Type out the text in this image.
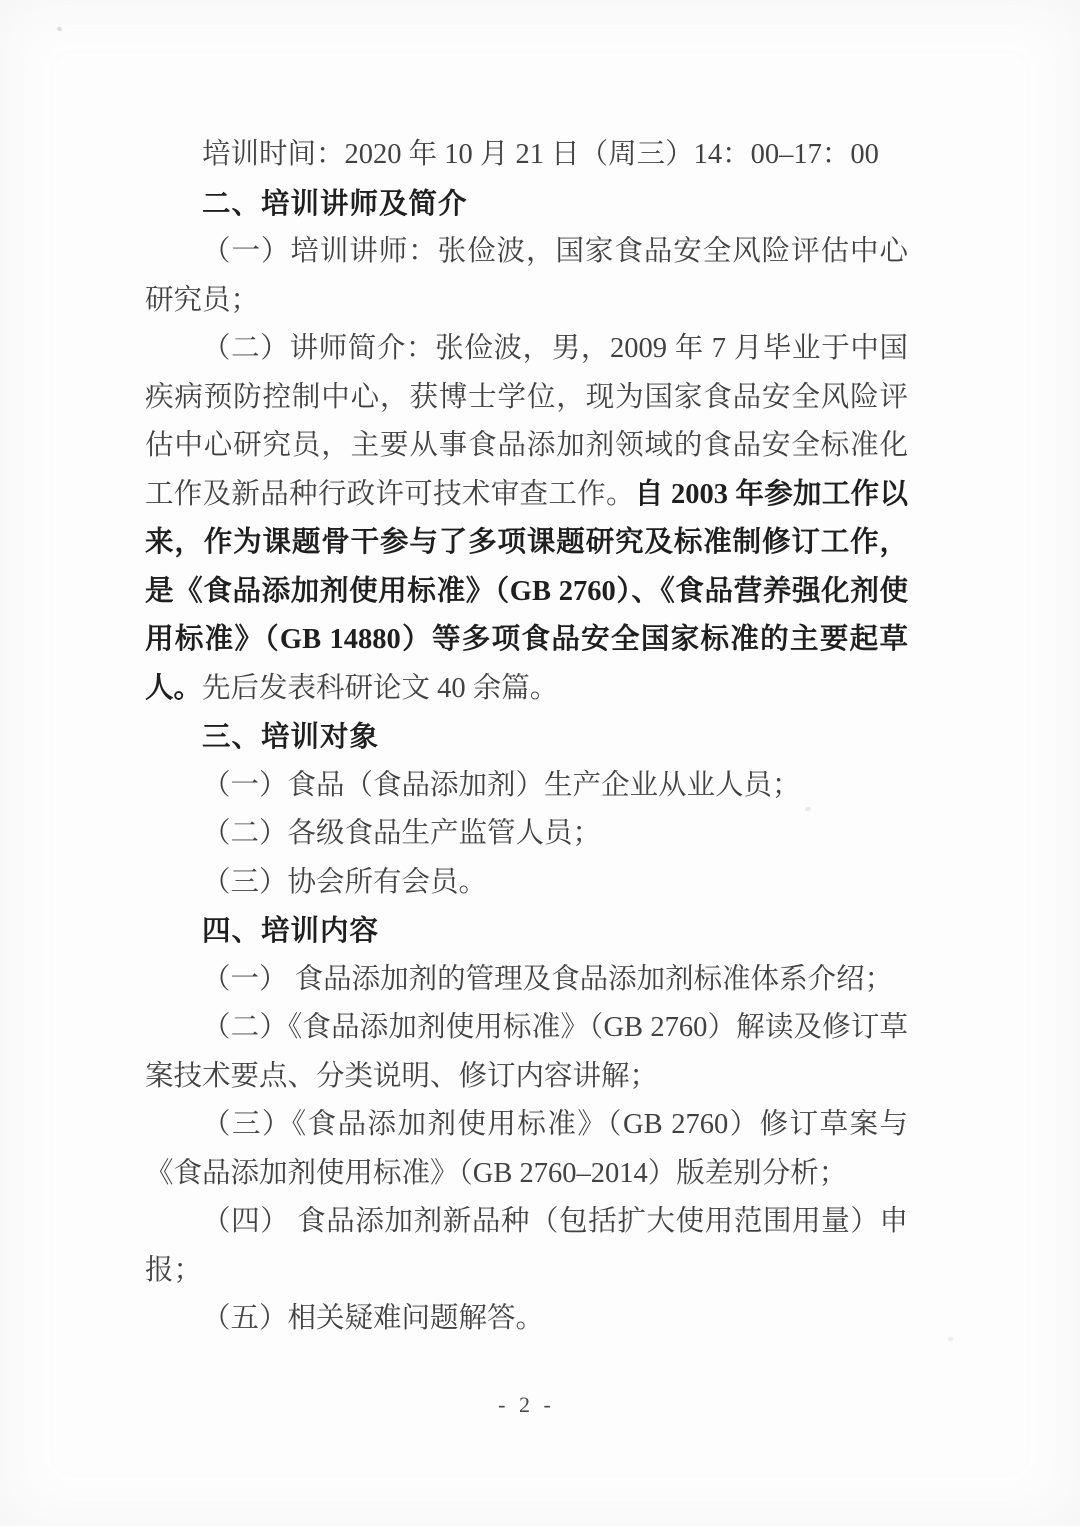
培训时间：2020 年 10 月 21 日（周三）14：00–17：00

二、培训讲师及简介

（一）培训讲师：张俭波，国家食品安全风险评估中心研究员；

（二）讲师简介：张俭波，男，2009 年 7 月毕业于中国疾病预防控制中心，获博士学位，现为国家食品安全风险评估中心研究员，主要从事食品添加剂领域的食品安全标准化工作及新品种行政许可技术审查工作。自 2003 年参加工作以来，作为课题骨干参与了多项课题研究及标准制修订工作，是《食品添加剂使用标准》（GB 2760）、《食品营养强化剂使用标准》（GB 14880）等多项食品安全国家标准的主要起草人。先后发表科研论文 40 余篇。

三、培训对象

（一）食品（食品添加剂）生产企业从业人员；

（二）各级食品生产监管人员；

（三）协会所有会员。

四、培训内容

（一） 食品添加剂的管理及食品添加剂标准体系介绍；

（二）《食品添加剂使用标准》（GB 2760）解读及修订草案技术要点、分类说明、修订内容讲解；

（三）《食品添加剂使用标准》（GB 2760）修订草案与《食品添加剂使用标准》（GB 2760–2014）版差别分析；

（四） 食品添加剂新品种（包括扩大使用范围用量）申报；

（五）相关疑难问题解答。

- 2 -
